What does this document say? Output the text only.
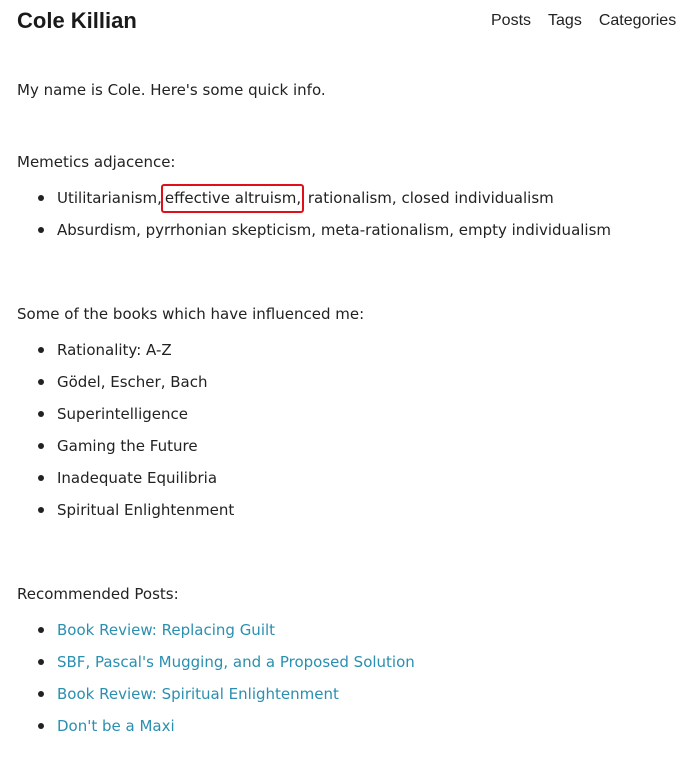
Cole Killian	Posts Tags Categories

My name is Cole. Here's some quick info.

Memetics adjacence:

Utilitarianism, effective altruism, rationalism, closed individualism
Absurdism, pyrrhonian skepticism, meta-rationalism, empty individualism

Some of the books which have influenced me:

Rationality: A-Z
Gödel, Escher, Bach
Superintelligence
Gaming the Future
Inadequate Equilibria
Spiritual Enlightenment

Recommended Posts:

Book Review: Replacing Guilt
SBF, Pascal's Mugging, and a Proposed Solution
Book Review: Spiritual Enlightenment
Don't be a Maxi
